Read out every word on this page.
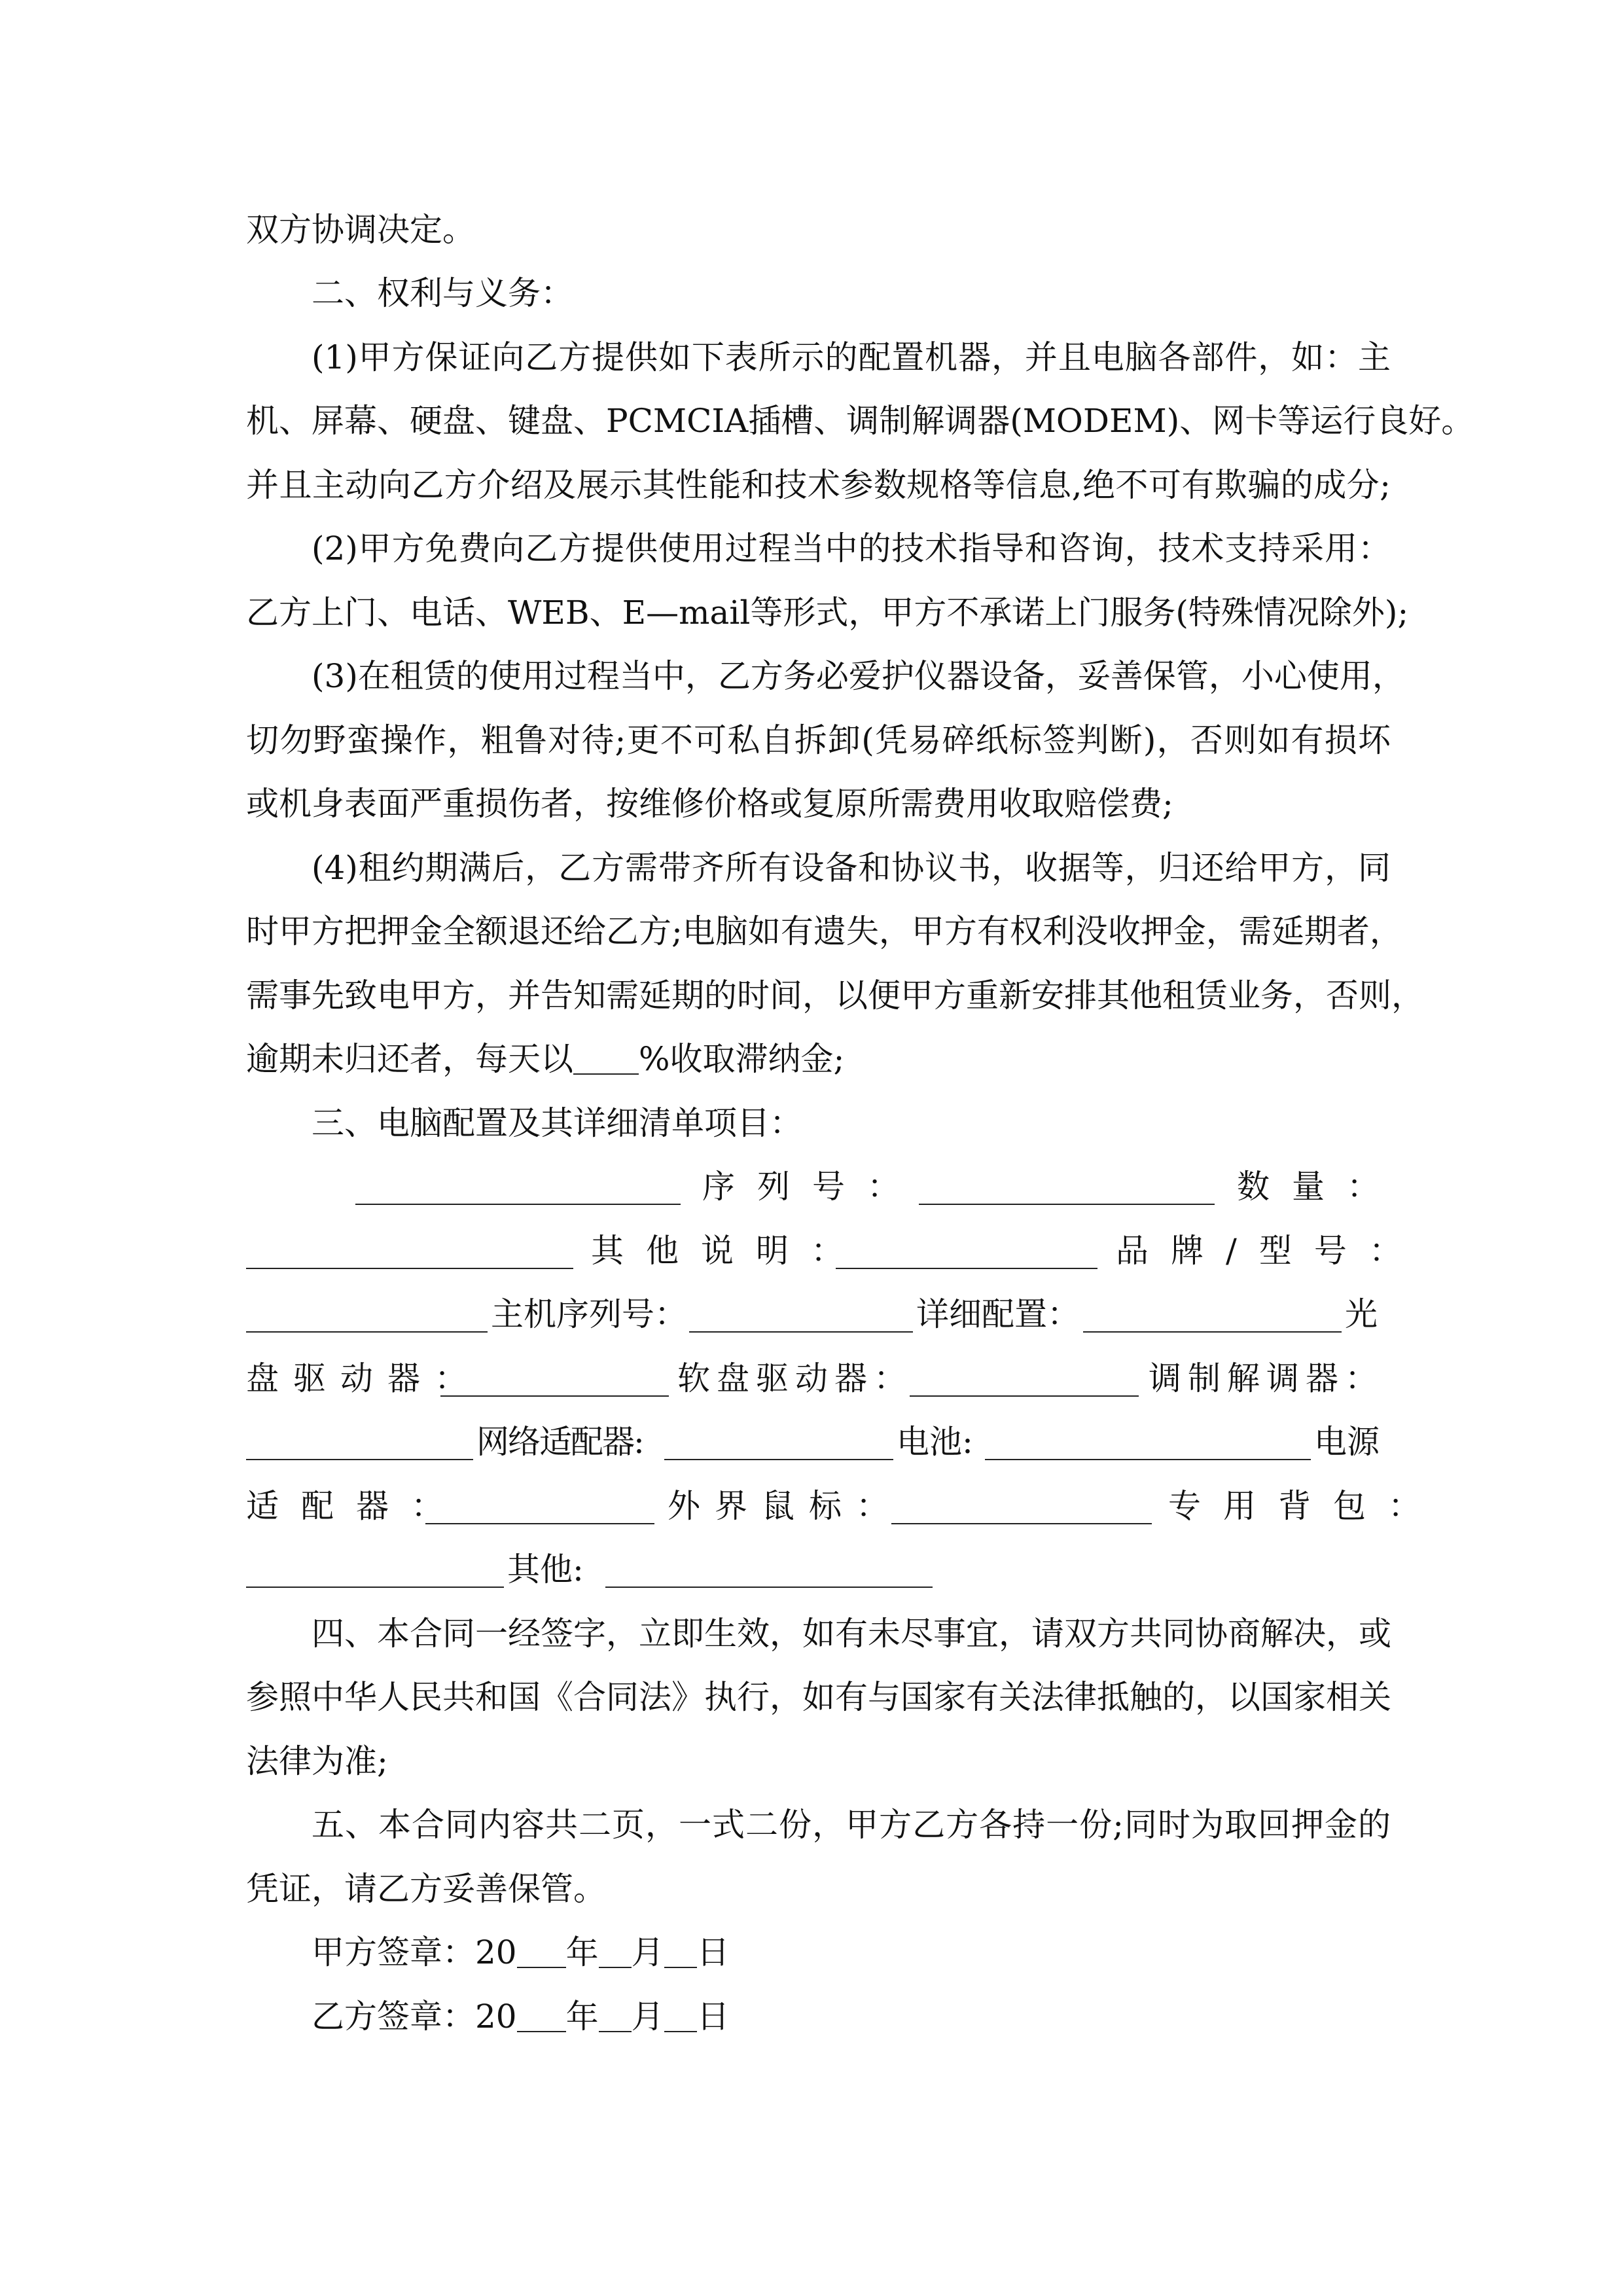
双方协调决定。
二、权利与义务：
(1)甲方保证向乙方提供如下表所示的配置机器，并且电脑各部件，如：主
机、屏幕、硬盘、键盘、PCMCIA插槽、调制解调器(MODEM)、网卡等运行良好。
并且主动向乙方介绍及展示其性能和技术参数规格等信息,绝不可有欺骗的成分;
(2)甲方免费向乙方提供使用过程当中的技术指导和咨询，技术支持采用：
乙方上门、电话、WEB、E—mail等形式，甲方不承诺上门服务(特殊情况除外);
(3)在租赁的使用过程当中，乙方务必爱护仪器设备，妥善保管，小心使用，
切勿野蛮操作，粗鲁对待;更不可私自拆卸(凭易碎纸标签判断)，否则如有损坏
或机身表面严重损伤者，按维修价格或复原所需费用收取赔偿费;
(4)租约期满后，乙方需带齐所有设备和协议书，收据等，归还给甲方，同
时甲方把押金全额退还给乙方;电脑如有遗失，甲方有权利没收押金，需延期者，
需事先致电甲方，并告知需延期的时间，以便甲方重新安排其他租赁业务，否则，
逾期未归还者，每天以 %收取滞纳金;
三、电脑配置及其详细清单项目：
序列号：	数量：
其他说明：	品牌/型号：
主机序列号：	详细配置：	光
盘驱动器：	软盘驱动器：	调制解调器：
网络适配器:	电池:	电源
适配器：	外界鼠标：	专用背包：
其他:
四、本合同一经签字，立即生效，如有未尽事宜，请双方共同协商解决，或
参照中华人民共和国《合同法》执行，如有与国家有关法律抵触的，以国家相关
法律为准;
五、本合同内容共二页，一式二份，甲方乙方各持一份;同时为取回押金的
凭证，请乙方妥善保管。
甲方签章：20 年 月 日
乙方签章：20 年 月 日
